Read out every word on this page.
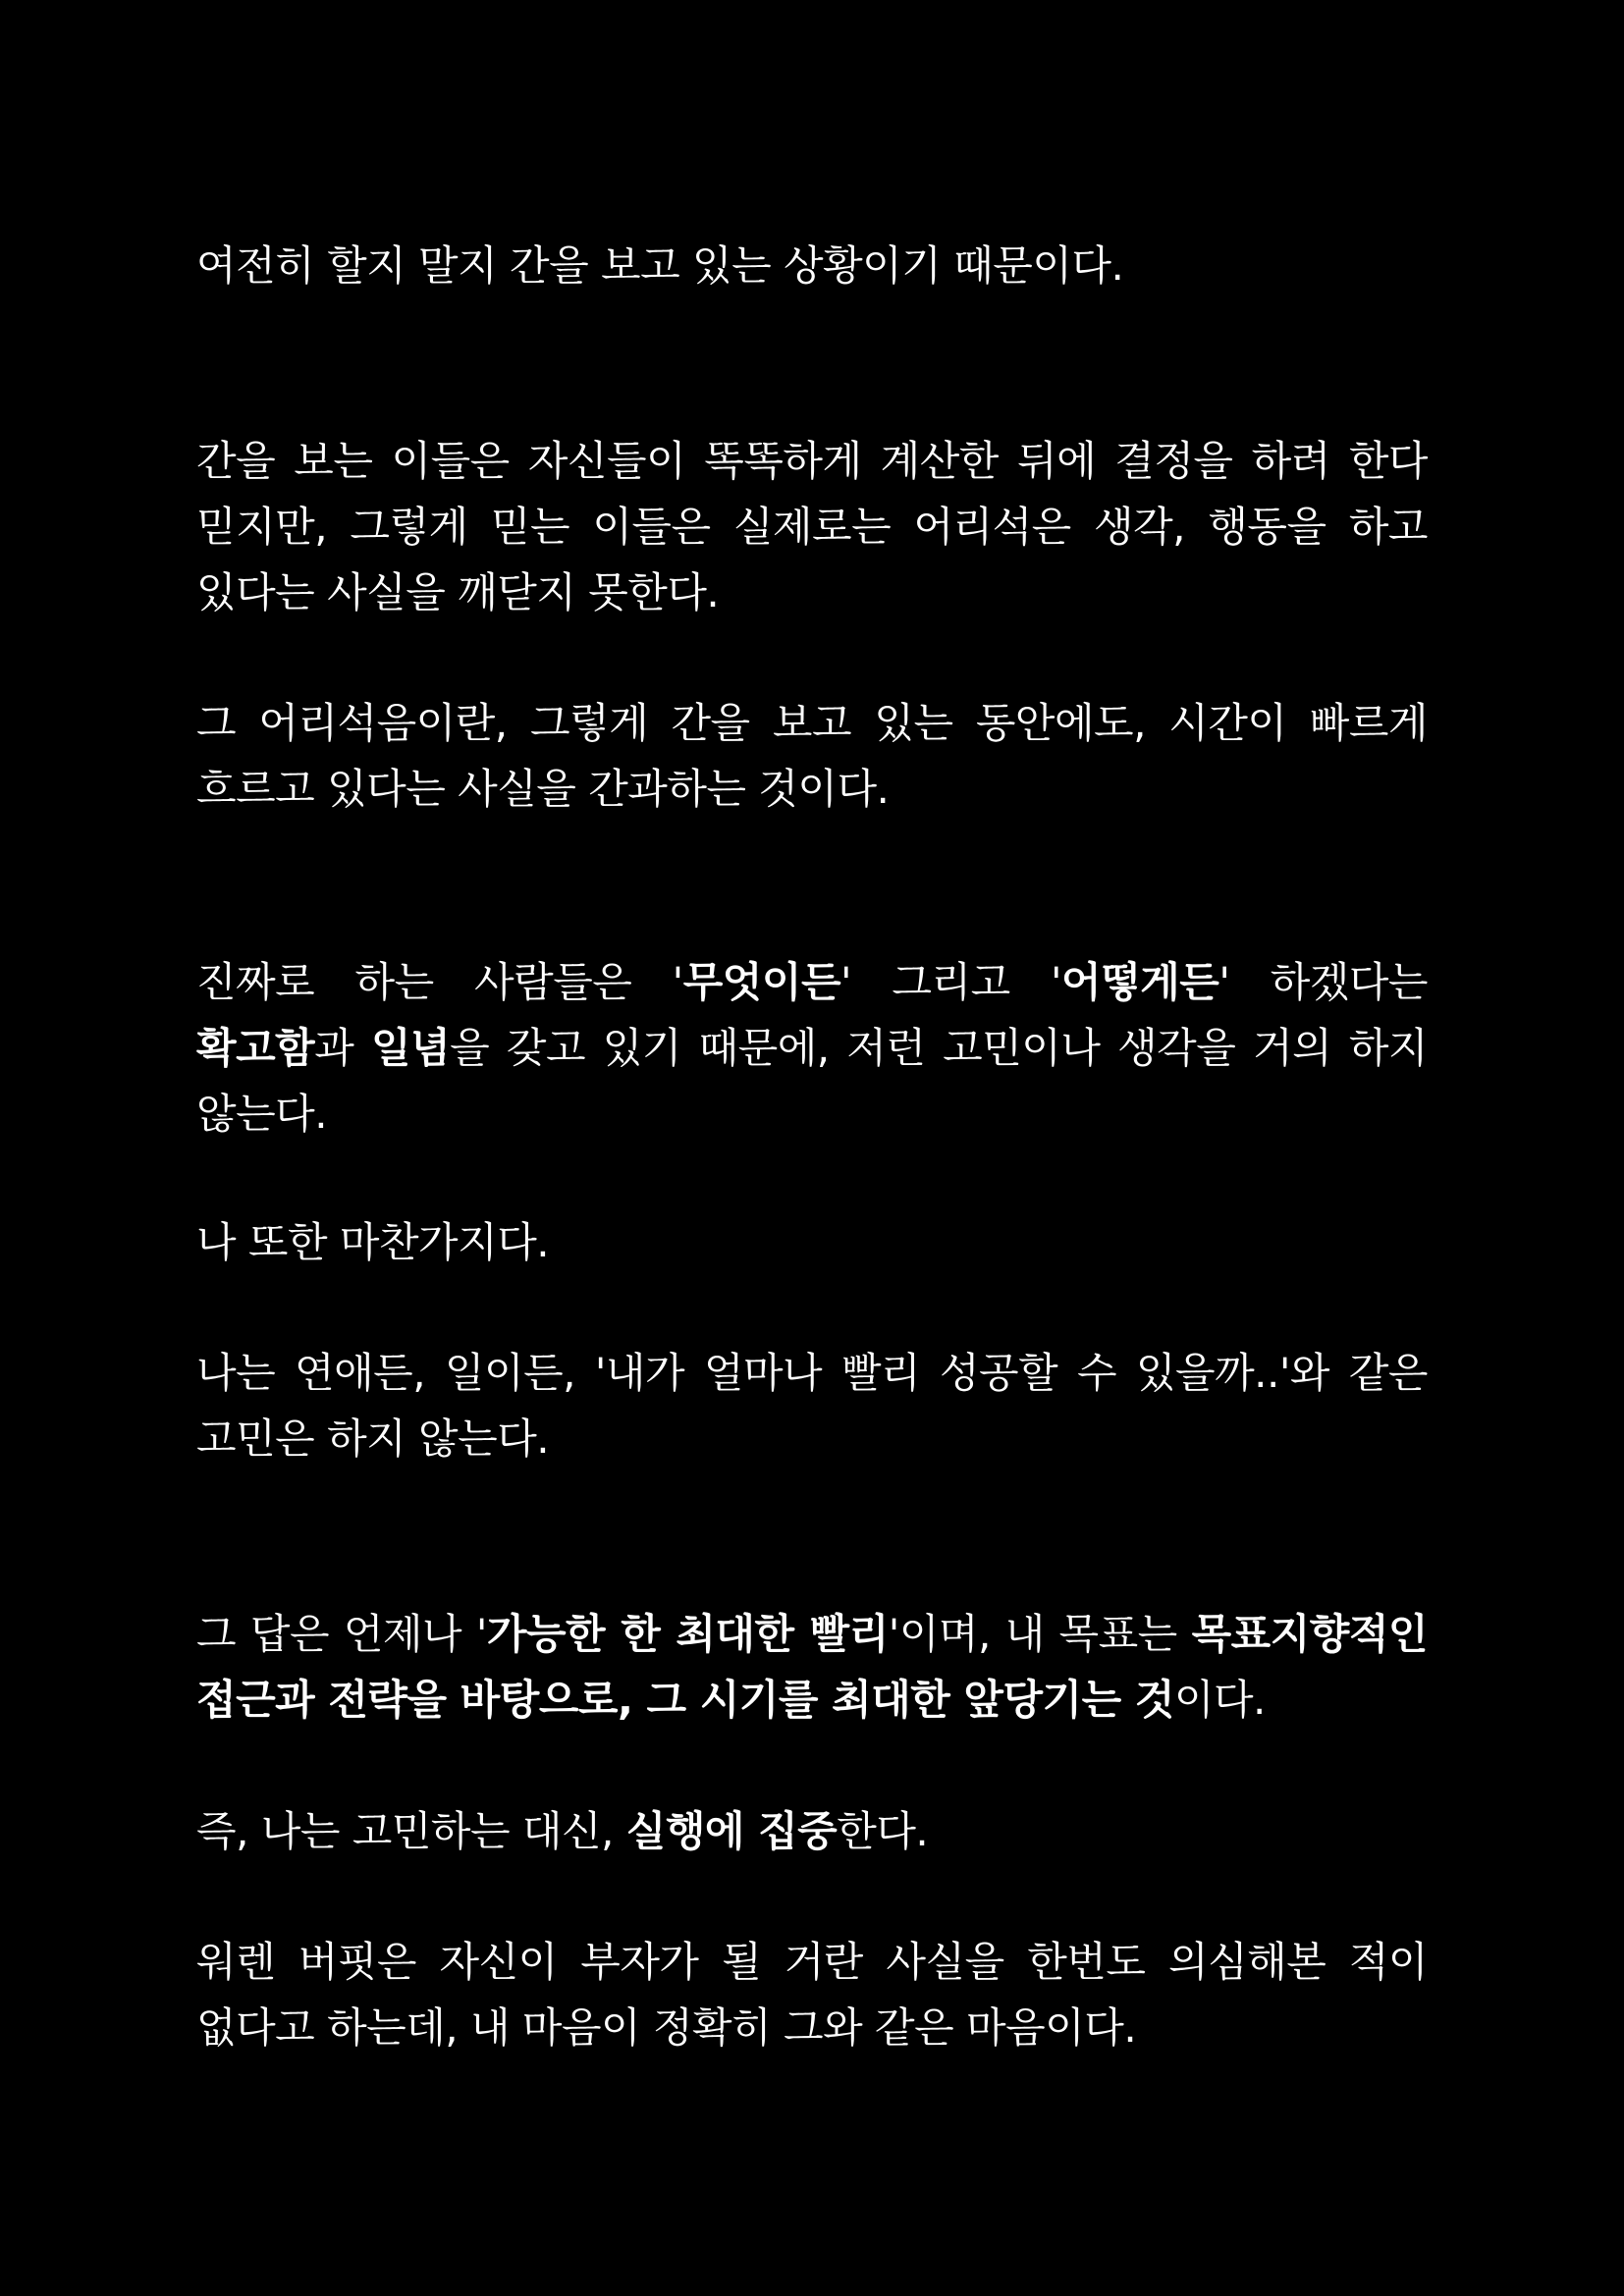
여전히 할지 말지 간을 보고 있는 상황이기 때문이다.

간을 보는 이들은 자신들이 똑똑하게 계산한 뒤에 결정을 하려 한다 믿지만, 그렇게 믿는 이들은 실제로는 어리석은 생각, 행동을 하고 있다는 사실을 깨닫지 못한다.

그 어리석음이란, 그렇게 간을 보고 있는 동안에도, 시간이 빠르게 흐르고 있다는 사실을 간과하는 것이다.

진짜로 하는 사람들은 '무엇이든' 그리고 '어떻게든' 하겠다는 확고함과 일념을 갖고 있기 때문에, 저런 고민이나 생각을 거의 하지 않는다.

나 또한 마찬가지다.

나는 연애든, 일이든, '내가 얼마나 빨리 성공할 수 있을까..'와 같은 고민은 하지 않는다.

그 답은 언제나 '가능한 한 최대한 빨리'이며, 내 목표는 목표지향적인 접근과 전략을 바탕으로, 그 시기를 최대한 앞당기는 것이다.

즉, 나는 고민하는 대신, 실행에 집중한다.

워렌 버핏은 자신이 부자가 될 거란 사실을 한번도 의심해본 적이 없다고 하는데, 내 마음이 정확히 그와 같은 마음이다.
